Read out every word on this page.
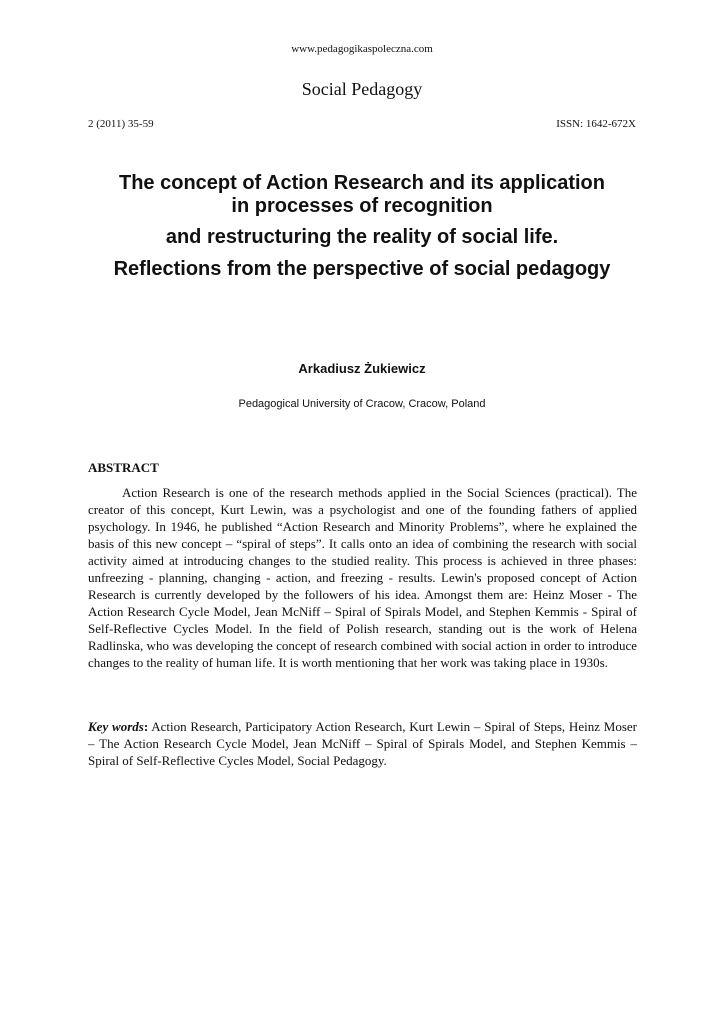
www.pedagogikaspoleczna.com
Social Pedagogy
2 (2011) 35-59	ISSN: 1642-672X
The concept of Action Research and its application
in processes of recognition
and restructuring the reality of social life.
Reflections from the perspective of social pedagogy
Arkadiusz Żukiewicz
Pedagogical University of Cracow, Cracow, Poland
ABSTRACT

Action Research is one of the research methods applied in the Social Sciences (practical). The creator of this concept, Kurt Lewin, was a psychologist and one of the founding fathers of applied psychology. In 1946, he published “Action Research and Minority Problems”, where he explained the basis of this new concept – “spiral of steps”. It calls onto an idea of combining the research with social activity aimed at introducing changes to the studied reality. This process is achieved in three phases: unfreezing - planning, changing - action, and freezing - results. Lewin's proposed concept of Action Research is currently developed by the followers of his idea. Amongst them are: Heinz Moser - The Action Research Cycle Model, Jean McNiff – Spiral of Spirals Model, and Stephen Kemmis - Spiral of Self-Reflective Cycles Model. In the field of Polish research, standing out is the work of Helena Radlinska, who was developing the concept of research combined with social action in order to introduce changes to the reality of human life. It is worth mentioning that her work was taking place in 1930s.

Key words: Action Research, Participatory Action Research, Kurt Lewin – Spiral of Steps, Heinz Moser – The Action Research Cycle Model, Jean McNiff – Spiral of Spirals Model, and Stephen Kemmis – Spiral of Self-Reflective Cycles Model, Social Pedagogy.
